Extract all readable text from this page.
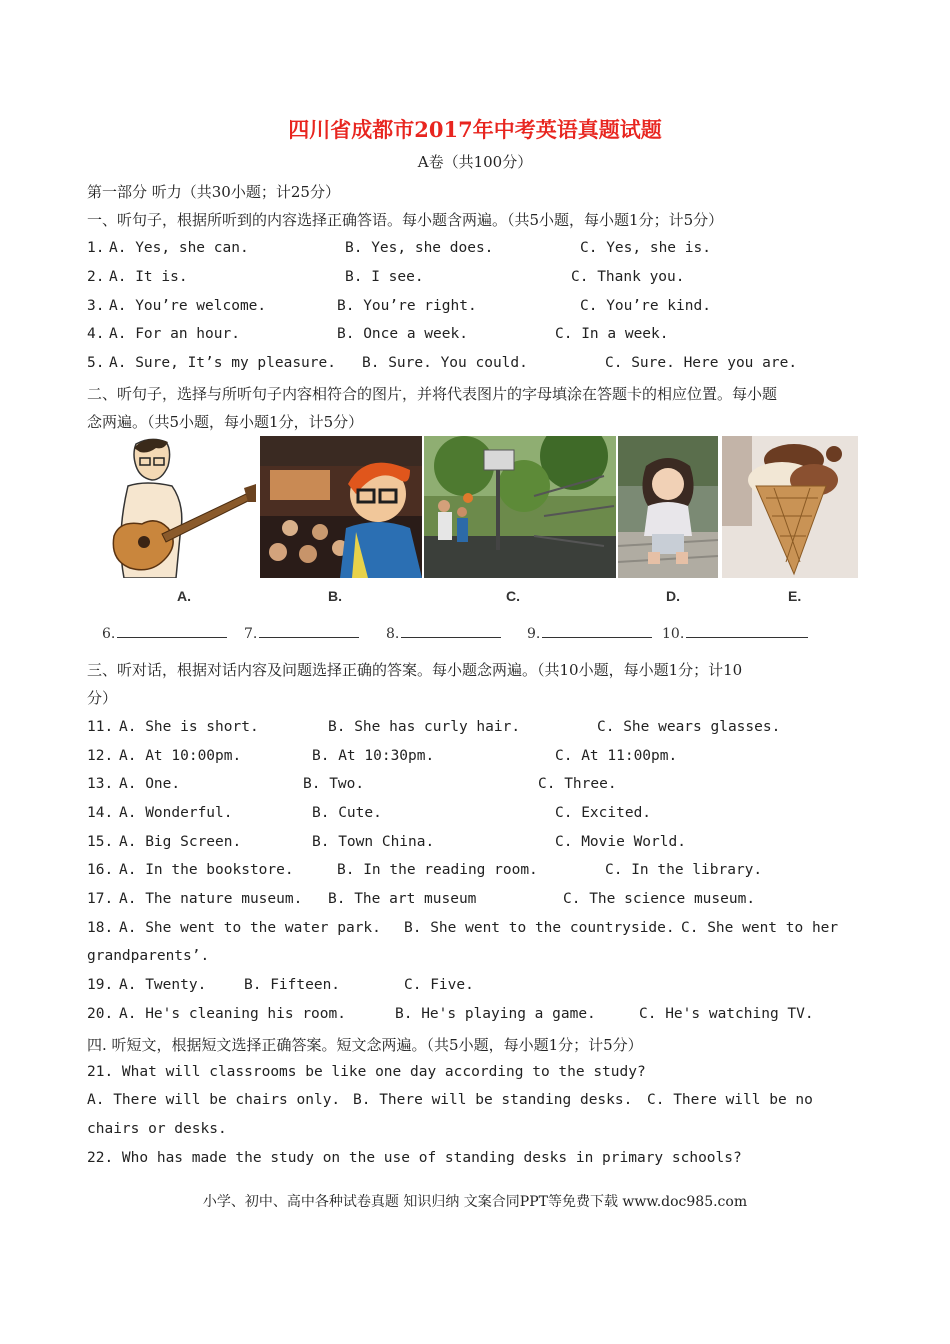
四川省成都市2017年中考英语真题试题
A卷（共100分）
第一部分 听力（共30小题；计25分）
一、听句子，根据所听到的内容选择正确答语。每小题含两遍。（共5小题，每小题1分；计5分）
1. A. Yes, she can.	B. Yes, she does.	C. Yes, she is.
2. A. It is.	B. I see.	C. Thank you.
3. A. You’re welcome.	B. You’re right.	C. You’re kind.
4. A. For an hour.	B. Once a week.	C. In a week.
5. A. Sure, It’s my pleasure. B. Sure. You could.	C. Sure. Here you are.
二、听句子，选择与所听句子内容相符合的图片，并将代表图片的字母填涂在答题卡的相应位置。每小题
念两遍。（共5小题，每小题1分，计5分）
A.	B.	C.	D.	E.
6.	7.	8.	9.	10.
三、听对话，根据对话内容及问题选择正确的答案。每小题念两遍。（共10小题，每小题1分；计10
分）
11. A. She is short.	B. She has curly hair.	C. She wears glasses.
12. A. At 10:00pm.	B. At 10:30pm.	C. At 11:00pm.
13. A. One.	B. Two.	C. Three.
14. A. Wonderful.	B. Cute.	C. Excited.
15. A. Big Screen.	B. Town China.	C. Movie World.
16. A. In the bookstore.	B. In the reading room.	C. In the library.
17. A. The nature museum. B. The art museum	C. The science museum.
18. A. She went to the water park. B. She went to the countryside. C. She went to her
grandparents’.
19. A. Twenty.	B. Fifteen.	C. Five.
20. A. He's cleaning his room.	B. He's playing a game.	C. He's watching TV.
四. 听短文，根据短文选择正确答案。短文念两遍。（共5小题，每小题1分；计5分）
21. What will classrooms be like one day according to the study?
A. There will be chairs only. B. There will be standing desks. C. There will be no
chairs or desks.
22. Who has made the study on the use of standing desks in primary schools?
小学、初中、高中各种试卷真题 知识归纳 文案合同PPT等免费下载 www.doc985.com
